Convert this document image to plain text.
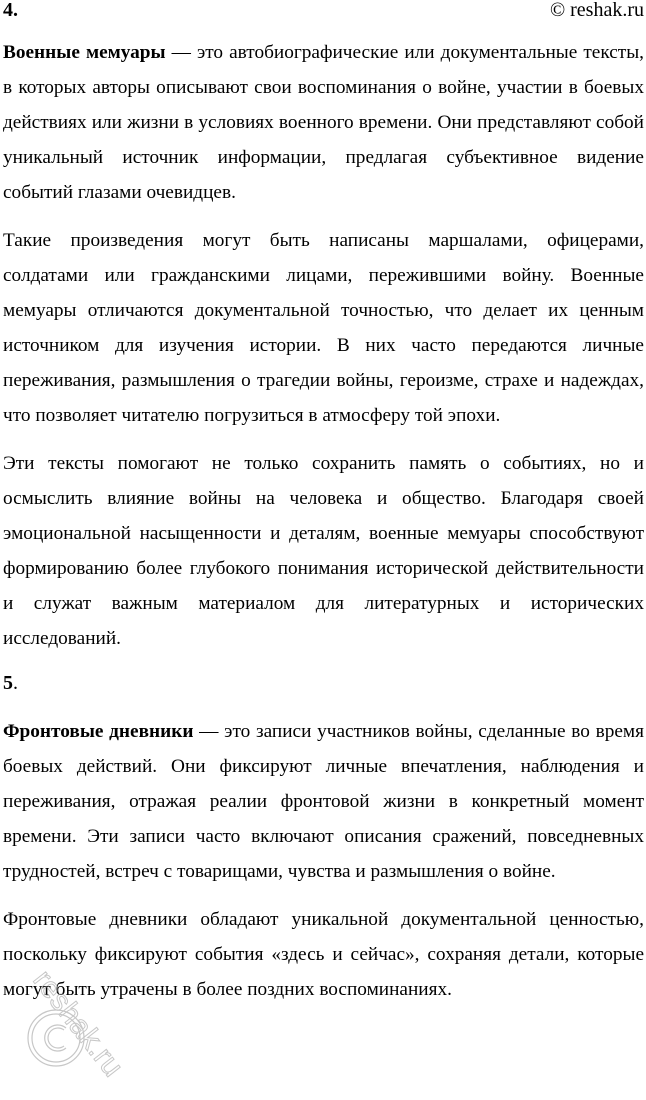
4.	© reshak.ru

Военные мемуары — это автобиографические или документальные тексты, в которых авторы описывают свои воспоминания о войне, участии в боевых действиях или жизни в условиях военного времени. Они представляют собой уникальный источник информации, предлагая субъективное видение событий глазами очевидцев.

Такие произведения могут быть написаны маршалами, офицерами, солдатами или гражданскими лицами, пережившими войну. Военные мемуары отличаются документальной точностью, что делает их ценным источником для изучения истории. В них часто передаются личные переживания, размышления о трагедии войны, героизме, страхе и надеждах, что позволяет читателю погрузиться в атмосферу той эпохи.

Эти тексты помогают не только сохранить память о событиях, но и осмыслить влияние войны на человека и общество. Благодаря своей эмоциональной насыщенности и деталям, военные мемуары способствуют формированию более глубокого понимания исторической действительности и служат важным материалом для литературных и исторических исследований.

5.

Фронтовые дневники — это записи участников войны, сделанные во время боевых действий. Они фиксируют личные впечатления, наблюдения и переживания, отражая реалии фронтовой жизни в конкретный момент времени. Эти записи часто включают описания сражений, повседневных трудностей, встреч с товарищами, чувства и размышления о войне.

Фронтовые дневники обладают уникальной документальной ценностью, поскольку фиксируют события «здесь и сейчас», сохраняя детали, которые могут быть утрачены в более поздних воспоминаниях.

reshak.ru
